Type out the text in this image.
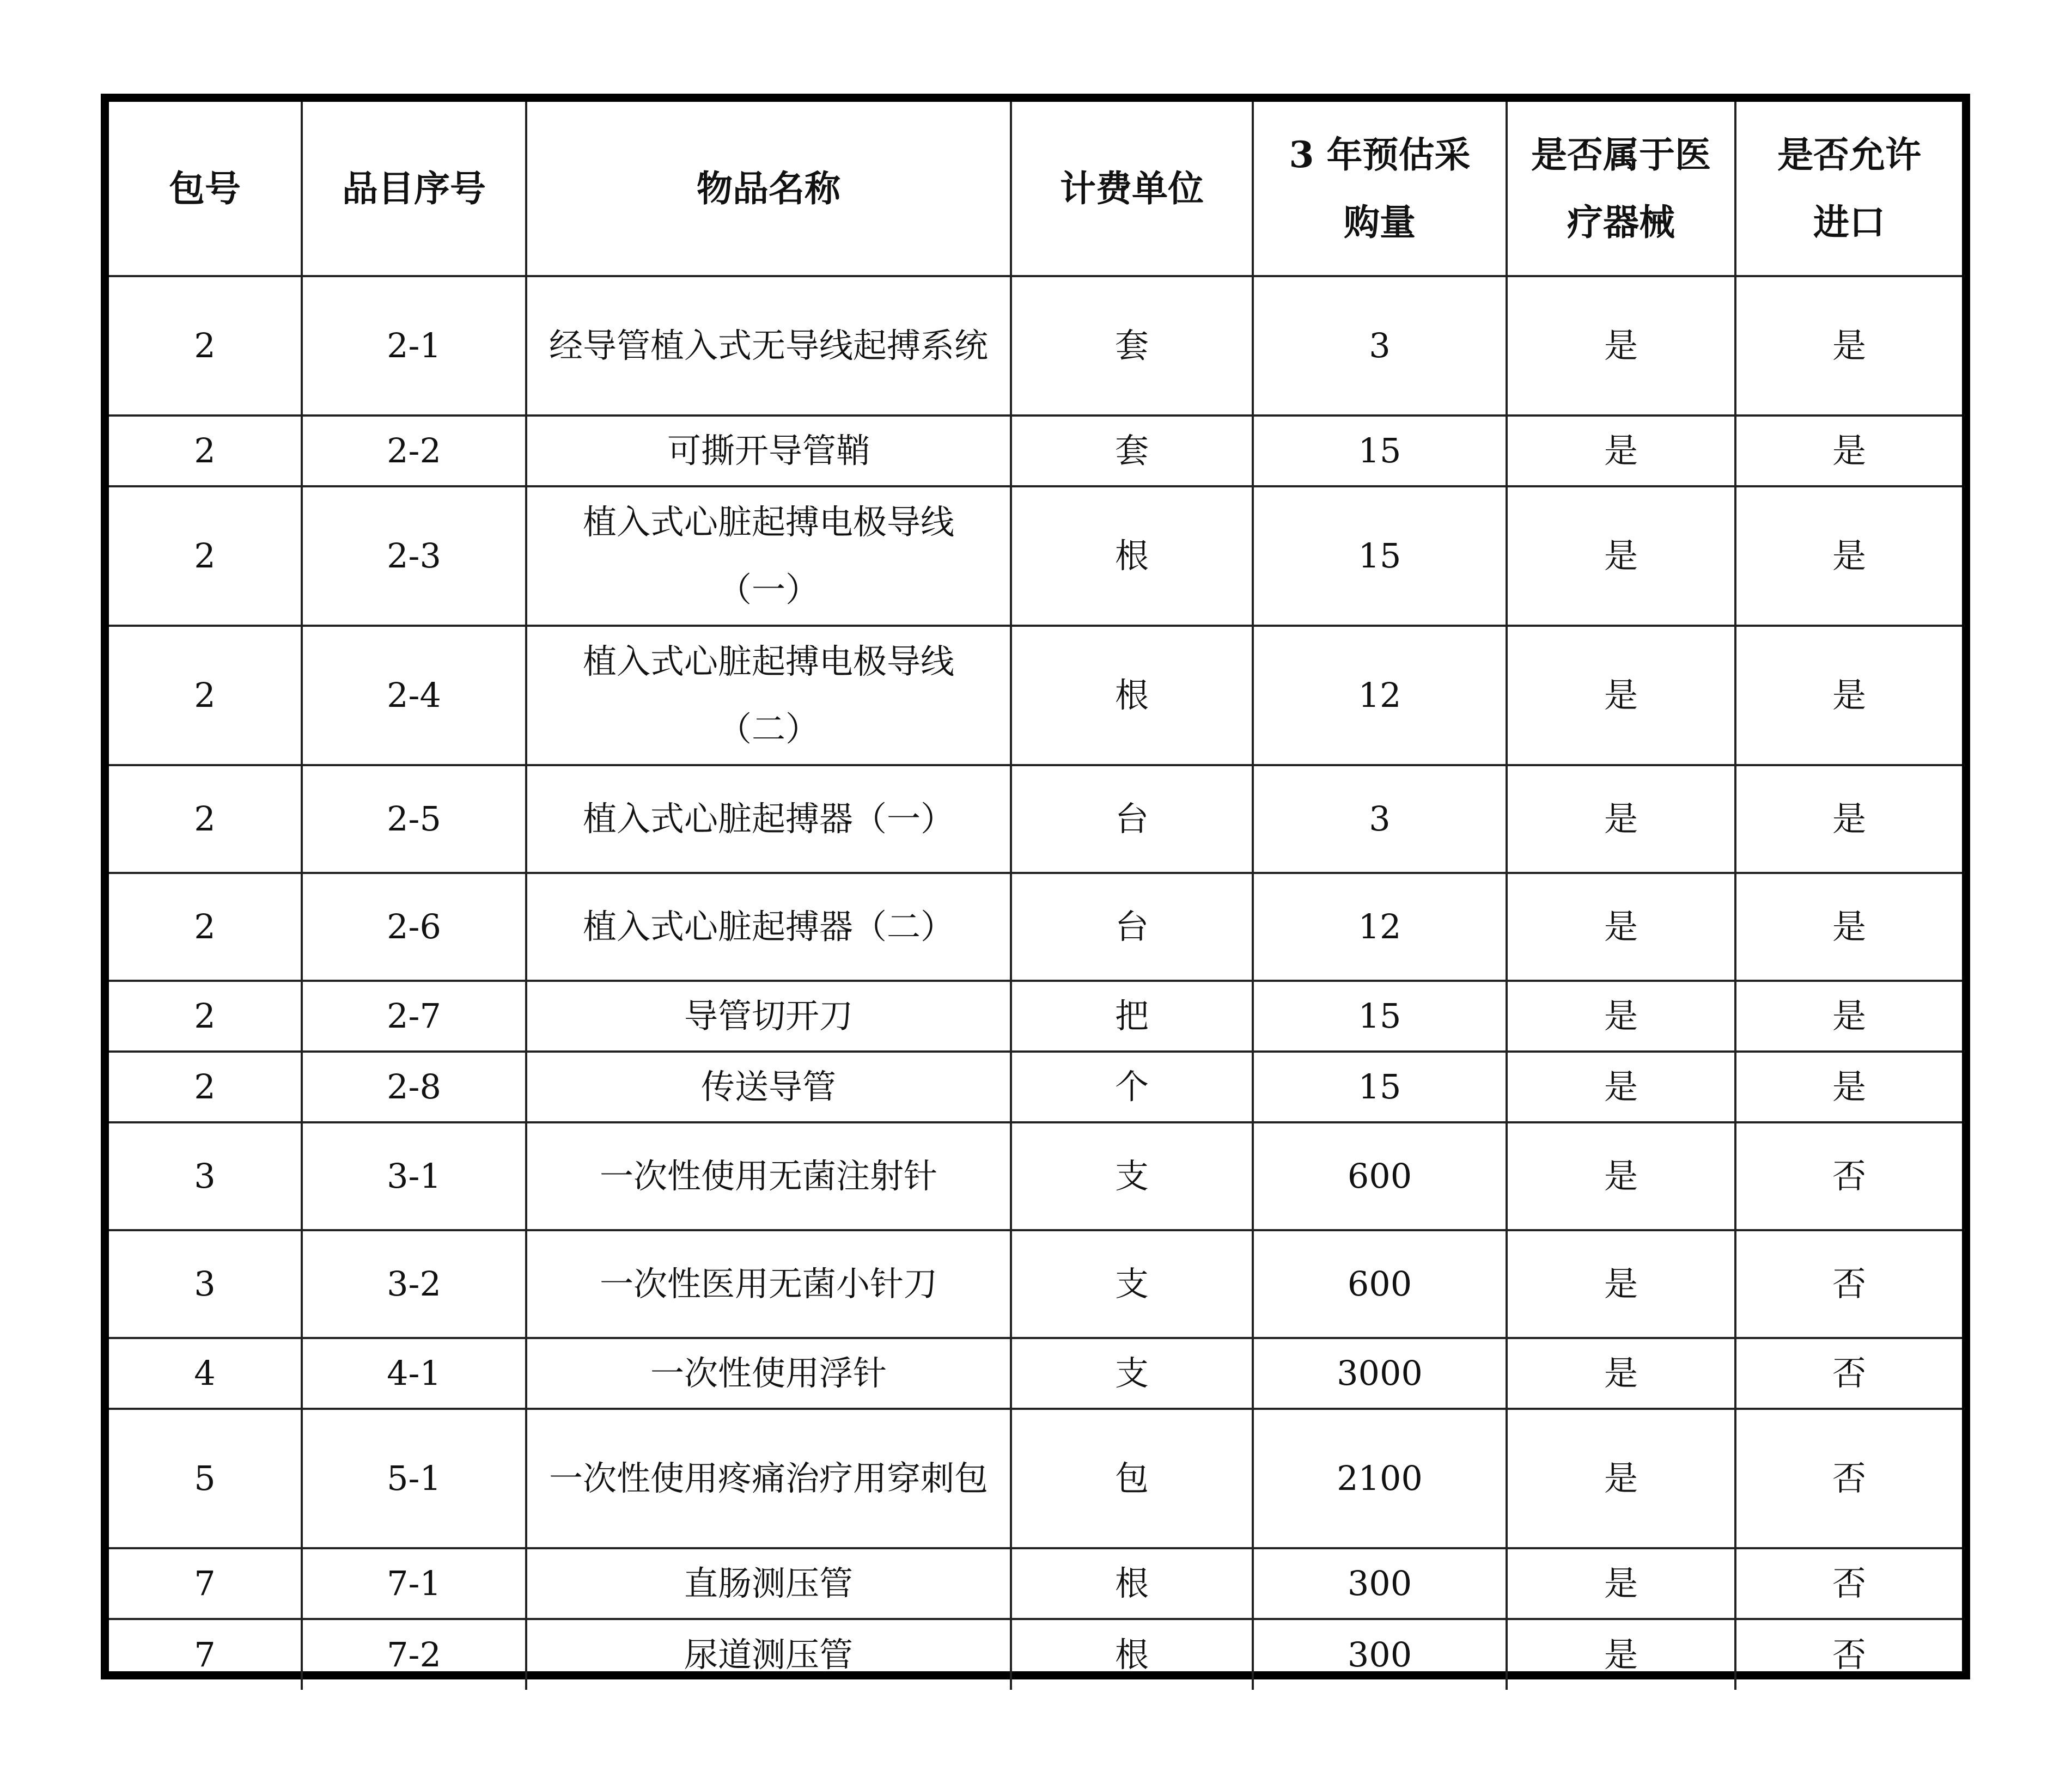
包号	品目序号	物品名称	计费单位	3 年预估采购量	是否属于医疗器械	是否允许进口
2	2-1	经导管植入式无导线起搏系统	套	3	是	是
2	2-2	可撕开导管鞘	套	15	是	是
2	2-3	植入式心脏起搏电极导线（一）	根	15	是	是
2	2-4	植入式心脏起搏电极导线（二）	根	12	是	是
2	2-5	植入式心脏起搏器（一）	台	3	是	是
2	2-6	植入式心脏起搏器（二）	台	12	是	是
2	2-7	导管切开刀	把	15	是	是
2	2-8	传送导管	个	15	是	是
3	3-1	一次性使用无菌注射针	支	600	是	否
3	3-2	一次性医用无菌小针刀	支	600	是	否
4	4-1	一次性使用浮针	支	3000	是	否
5	5-1	一次性使用疼痛治疗用穿刺包	包	2100	是	否
7	7-1	直肠测压管	根	300	是	否
7	7-2	尿道测压管	根	300	是	否
